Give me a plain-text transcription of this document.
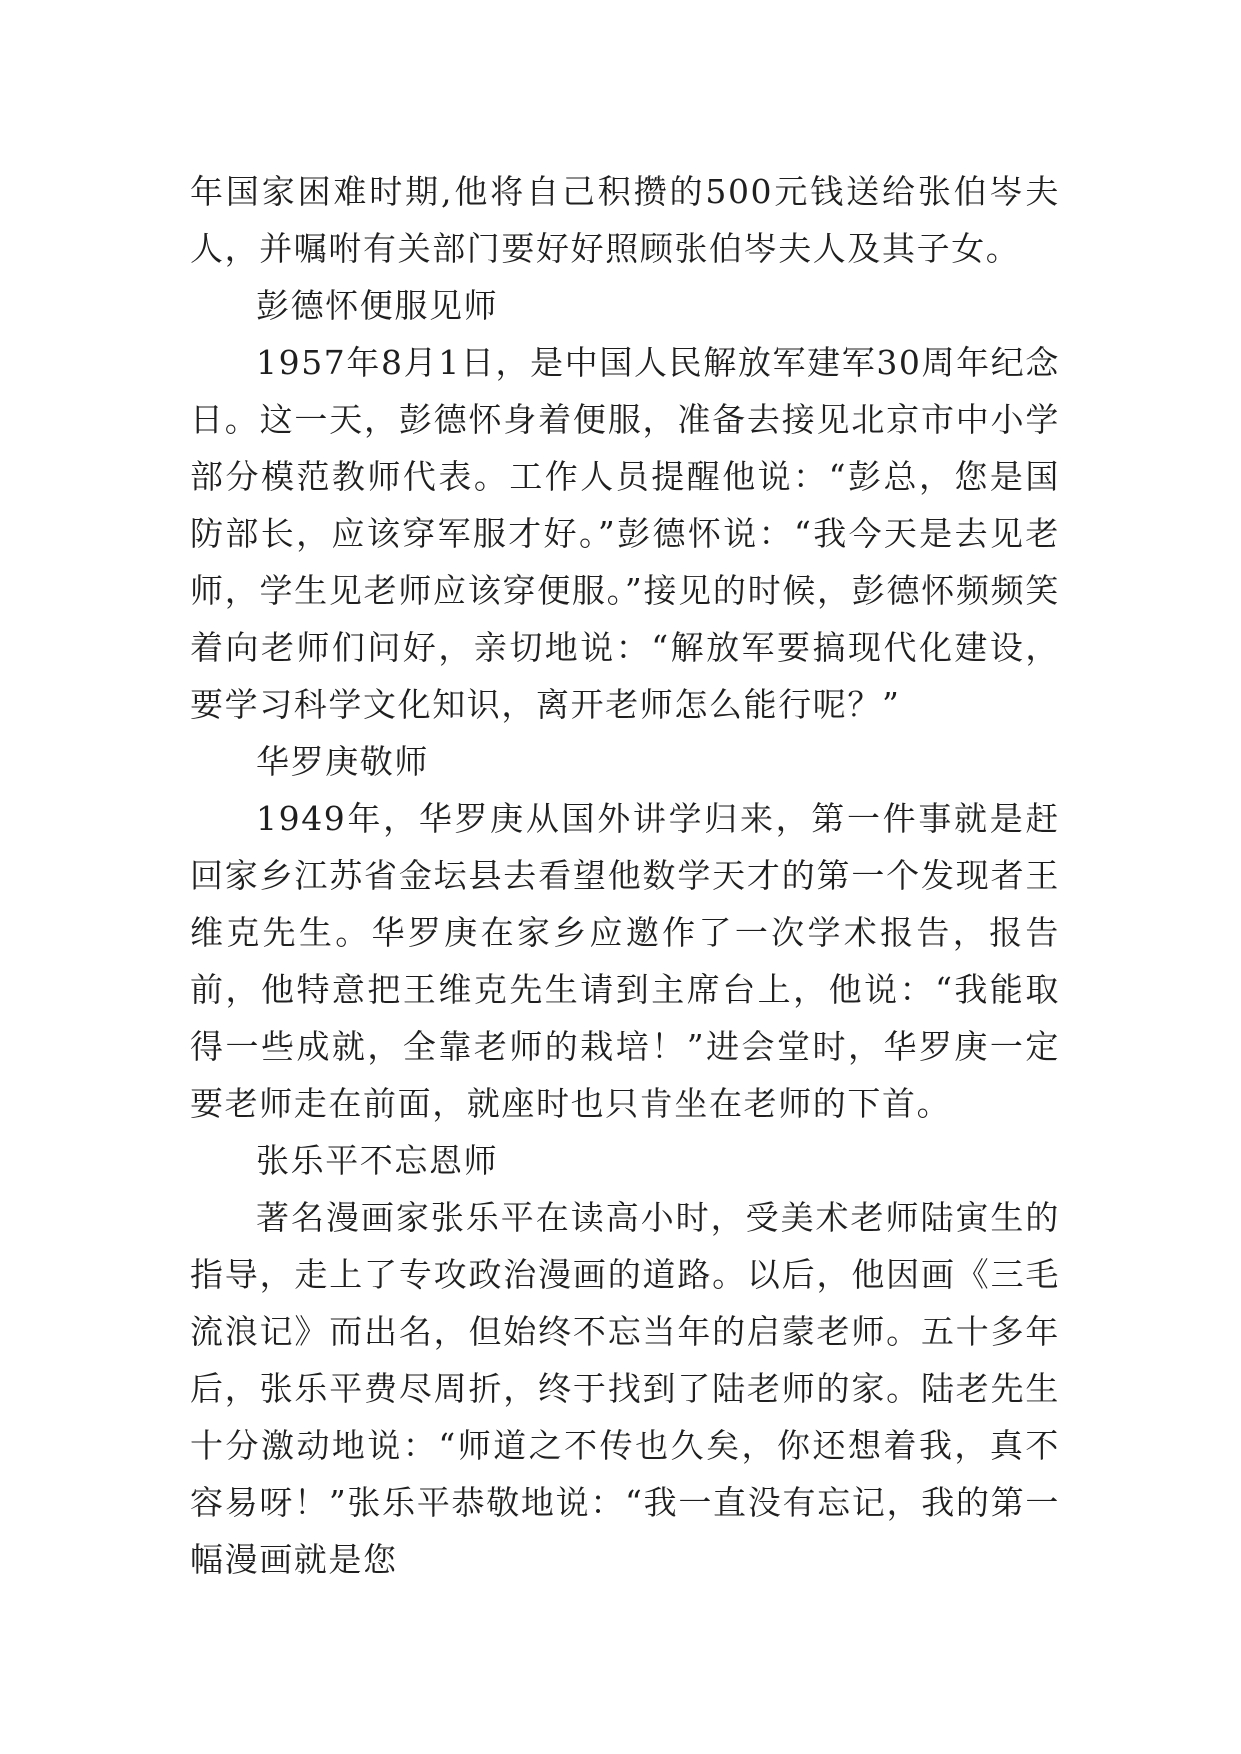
年国家困难时期,他将自己积攒的500元钱送给张伯岑夫人，并嘱咐有关部门要好好照顾张伯岑夫人及其子女。

彭德怀便服见师

1957年8月1日，是中国人民解放军建军30周年纪念日。这一天，彭德怀身着便服，准备去接见北京市中小学部分模范教师代表。工作人员提醒他说：“彭总，您是国防部长，应该穿军服才好。”彭德怀说：“我今天是去见老师，学生见老师应该穿便服。”接见的时候，彭德怀频频笑着向老师们问好，亲切地说：“解放军要搞现代化建设，要学习科学文化知识，离开老师怎么能行呢？”

华罗庚敬师

1949年，华罗庚从国外讲学归来，第一件事就是赶回家乡江苏省金坛县去看望他数学天才的第一个发现者王维克先生。华罗庚在家乡应邀作了一次学术报告，报告前，他特意把王维克先生请到主席台上，他说：“我能取得一些成就，全靠老师的栽培！”进会堂时，华罗庚一定要老师走在前面，就座时也只肯坐在老师的下首。

张乐平不忘恩师

著名漫画家张乐平在读高小时，受美术老师陆寅生的指导，走上了专攻政治漫画的道路。以后，他因画《三毛流浪记》而出名，但始终不忘当年的启蒙老师。五十多年后，张乐平费尽周折，终于找到了陆老师的家。陆老先生十分激动地说：“师道之不传也久矣，你还想着我，真不容易呀！”张乐平恭敬地说：“我一直没有忘记，我的第一幅漫画就是您
